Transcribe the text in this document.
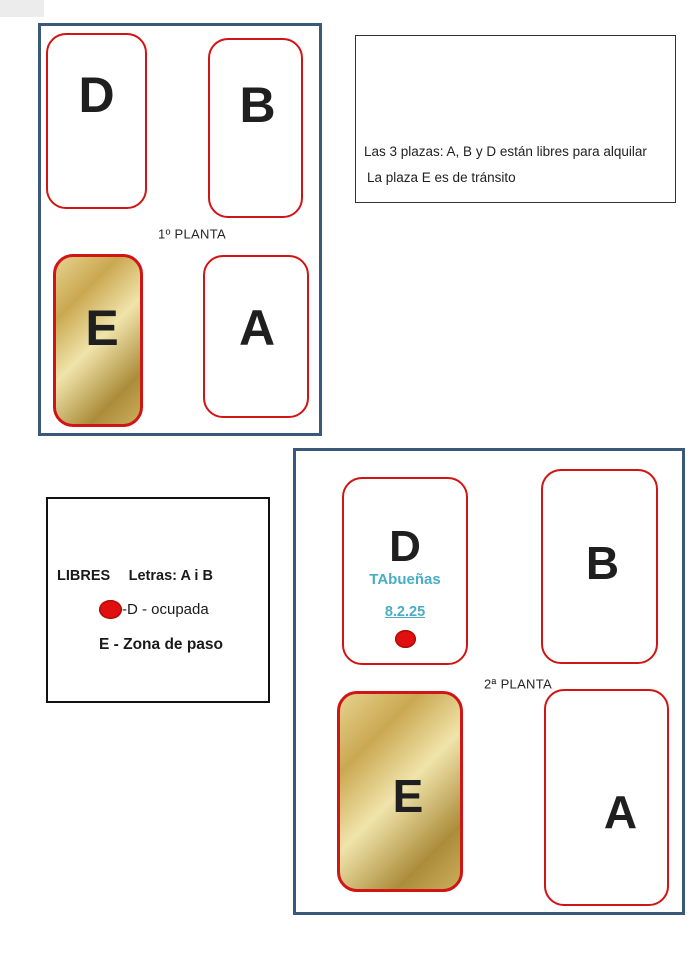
D B
1º PLANTA
E A
Las 3 plazas: A, B y D están libres para alquilar
La plaza E es de tránsito
LIBRES Letras: A i B
-D - ocupada
E - Zona de paso
D
TAbueñas
8.2.25
B
2ª PLANTA
E	A
